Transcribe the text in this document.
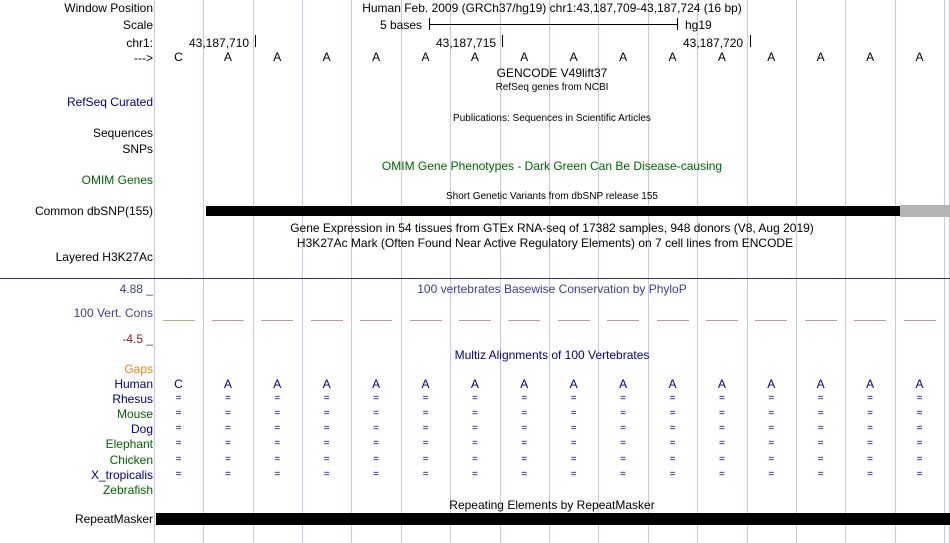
Window Position	Human Feb. 2009 (GRCh37/hg19) chr1:43,187,709-43,187,724 (16 bp)
Scale	5 bases	hg19
chr1:	43,187,710	43,187,715	43,187,720
---> C	A	A	A	A	A	A	A	A	A	A	A	A	A	A	A
GENCODE V49lift37
RefSeq genes from NCBI
RefSeq Curated
Publications: Sequences in Scientific Articles
Sequences
SNPs
OMIM Gene Phenotypes - Dark Green Can Be Disease-causing
OMIM Genes
Short Genetic Variants from dbSNP release 155
Common dbSNP(155)
Gene Expression in 54 tissues from GTEx RNA-seq of 17382 samples, 948 donors (V8, Aug 2019)
H3K27Ac Mark (Often Found Near Active Regulatory Elements) on 7 cell lines from ENCODE
Layered H3K27Ac
4.88 _	100 vertebrates Basewise Conservation by PhyloP
100 Vert. Cons
-4.5 _
Multiz Alignments of 100 Vertebrates
Gaps
Human C	A	A	A	A	A	A	A	A	A	A	A	A	A	A	A
Rhesus =	=	=	=	=	=	=	=	=	=	=	=	=	=	=	=
Mouse =	=	=	=	=	=	=	=	=	=	=	=	=	=	=	=
Dog =	=	=	=	=	=	=	=	=	=	=	=	=	=	=	=
Elephant =	=	=	=	=	=	=	=	=	=	=	=	=	=	=	=
Chicken =	=	=	=	=	=	=	=	=	=	=	=	=	=	=	=
X_tropicalis =	=	=	=	=	=	=	=	=	=	=	=	=	=	=	=
Zebrafish
Repeating Elements by RepeatMasker
RepeatMasker
